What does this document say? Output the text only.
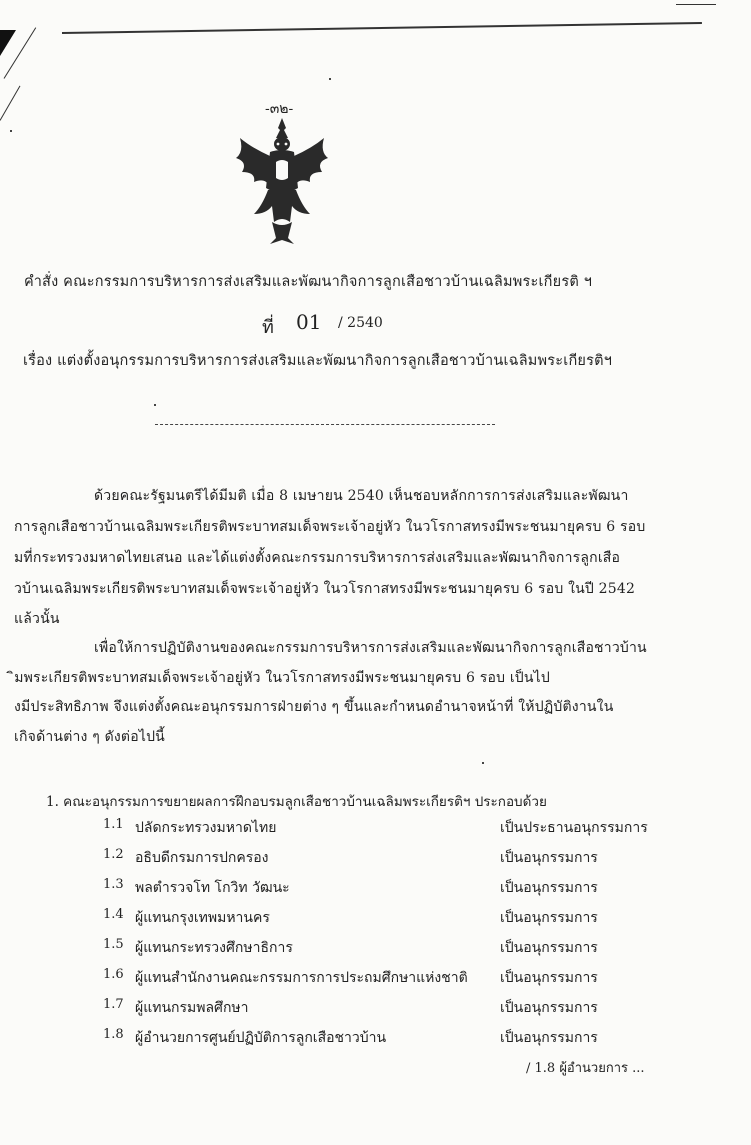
-๓๒-
คำสั่ง คณะกรรมการบริหารการส่งเสริมและพัฒนากิจการลูกเสือชาวบ้านเฉลิมพระเกียรติ ฯ
ที่ 01 / 2540
เรื่อง แต่งตั้งอนุกรรมการบริหารการส่งเสริมและพัฒนากิจการลูกเสือชาวบ้านเฉลิมพระเกียรติฯ
ด้วยคณะรัฐมนตรีได้มีมติ เมื่อ 8 เมษายน 2540 เห็นชอบหลักการการส่งเสริมและพัฒนา
การลูกเสือชาวบ้านเฉลิมพระเกียรติพระบาทสมเด็จพระเจ้าอยู่หัว ในวโรกาสทรงมีพระชนมายุครบ 6 รอบ
มที่กระทรวงมหาดไทยเสนอ และได้แต่งตั้งคณะกรรมการบริหารการส่งเสริมและพัฒนากิจการลูกเสือ
วบ้านเฉลิมพระเกียรติพระบาทสมเด็จพระเจ้าอยู่หัว ในวโรกาสทรงมีพระชนมายุครบ 6 รอบ ในปี 2542
แล้วนั้น
เพื่อให้การปฏิบัติงานของคณะกรรมการบริหารการส่งเสริมและพัฒนากิจการลูกเสือชาวบ้าน
ิมพระเกียรติพระบาทสมเด็จพระเจ้าอยู่หัว ในวโรกาสทรงมีพระชนมายุครบ 6 รอบ เป็นไป
งมีประสิทธิภาพ จึงแต่งตั้งคณะอนุกรรมการฝ่ายต่าง ๆ ขึ้นและกำหนดอำนาจหน้าที่ ให้ปฏิบัติงานใน
เกิจด้านต่าง ๆ ดังต่อไปนี้
1. คณะอนุกรรมการขยายผลการฝึกอบรมลูกเสือชาวบ้านเฉลิมพระเกียรติฯ ประกอบด้วย
1.1 ปลัดกระทรวงมหาดไทย	เป็นประธานอนุกรรมการ
1.2 อธิบดีกรมการปกครอง	เป็นอนุกรรมการ
1.3 พลตำรวจโท โกวิท วัฒนะ	เป็นอนุกรรมการ
1.4 ผู้แทนกรุงเทพมหานคร	เป็นอนุกรรมการ
1.5 ผู้แทนกระทรวงศึกษาธิการ	เป็นอนุกรรมการ
1.6 ผู้แทนสำนักงานคณะกรรมการการประถมศึกษาแห่งชาติ เป็นอนุกรรมการ
1.7 ผู้แทนกรมพลศึกษา	เป็นอนุกรรมการ
1.8 ผู้อำนวยการศูนย์ปฏิบัติการลูกเสือชาวบ้าน	เป็นอนุกรรมการ
/ 1.8 ผู้อำนวยการ ...
